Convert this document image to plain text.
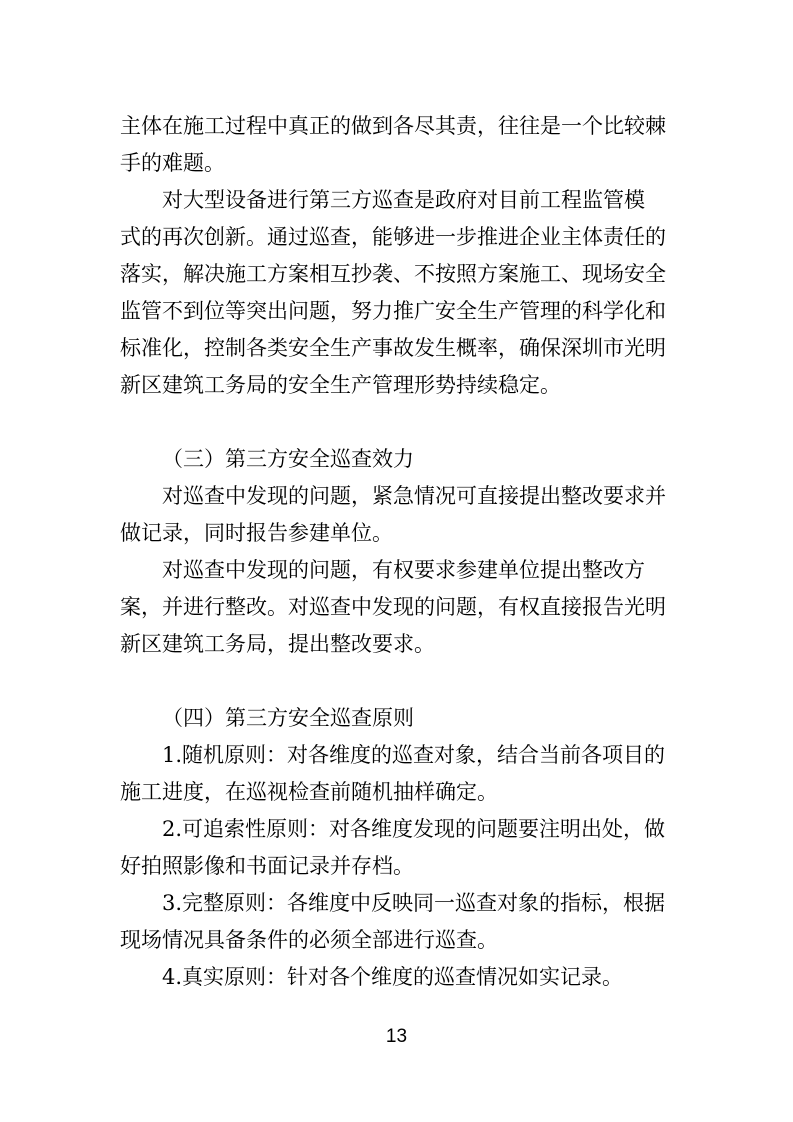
主体在施工过程中真正的做到各尽其责，往往是一个比较棘

手的难题。

对大型设备进行第三方巡查是政府对目前工程监管模

式的再次创新。通过巡查，能够进一步推进企业主体责任的

落实，解决施工方案相互抄袭、不按照方案施工、现场安全

监管不到位等突出问题，努力推广安全生产管理的科学化和

标准化，控制各类安全生产事故发生概率，确保深圳市光明

新区建筑工务局的安全生产管理形势持续稳定。

（三）第三方安全巡查效力

对巡查中发现的问题，紧急情况可直接提出整改要求并

做记录，同时报告参建单位。

对巡查中发现的问题，有权要求参建单位提出整改方

案，并进行整改。对巡查中发现的问题，有权直接报告光明

新区建筑工务局，提出整改要求。

（四）第三方安全巡查原则

1.随机原则：对各维度的巡查对象，结合当前各项目的

施工进度，在巡视检查前随机抽样确定。

2.可追索性原则：对各维度发现的问题要注明出处，做

好拍照影像和书面记录并存档。

3.完整原则：各维度中反映同一巡查对象的指标，根据

现场情况具备条件的必须全部进行巡查。

4.真实原则：针对各个维度的巡查情况如实记录。

13
